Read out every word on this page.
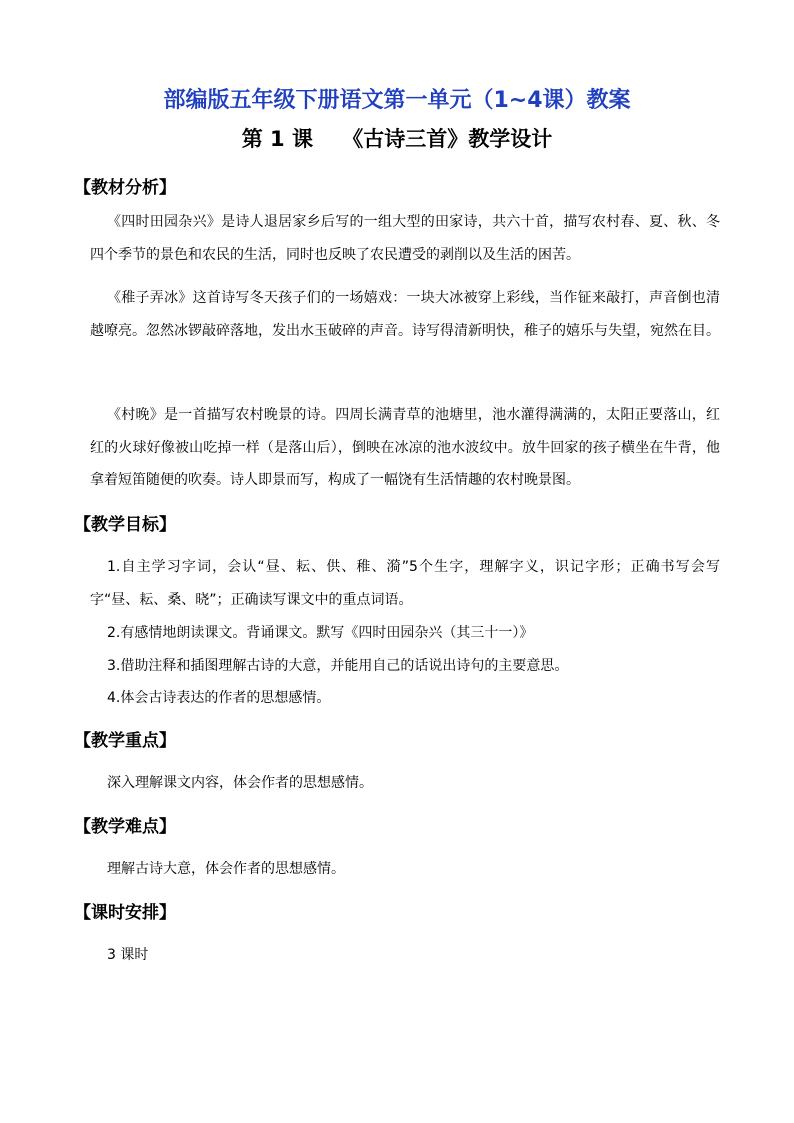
部编版五年级下册语文第一单元（1~4课）教案
第 1 课    《古诗三首》教学设计
【教材分析】
《四时田园杂兴》是诗人退居家乡后写的一组大型的田家诗，共六十首，描写农村春、夏、秋、冬四个季节的景色和农民的生活，同时也反映了农民遭受的剥削以及生活的困苦。
《稚子弄冰》这首诗写冬天孩子们的一场嬉戏：一块大冰被穿上彩线，当作钲来敲打，声音倒也清越嘹亮。忽然冰锣敲碎落地，发出水玉破碎的声音。诗写得清新明快，稚子的嬉乐与失望，宛然在目。
《村晚》是一首描写农村晚景的诗。四周长满青草的池塘里，池水灌得满满的，太阳正要落山，红红的火球好像被山吃掉一样（是落山后），倒映在冰凉的池水波纹中。放牛回家的孩子横坐在牛背，他拿着短笛随便的吹奏。诗人即景而写，构成了一幅饶有生活情趣的农村晚景图。
【教学目标】
1.自主学习字词，会认“昼、耘、供、稚、漪”5个生字，理解字义，识记字形；正确书写会写字“昼、耘、桑、晓”；正确读写课文中的重点词语。
2.有感情地朗读课文。背诵课文。默写《四时田园杂兴（其三十一）》
3.借助注释和插图理解古诗的大意，并能用自己的话说出诗句的主要意思。
4.体会古诗表达的作者的思想感情。
【教学重点】
深入理解课文内容，体会作者的思想感情。
【教学难点】
理解古诗大意，体会作者的思想感情。
【课时安排】
3 课时
